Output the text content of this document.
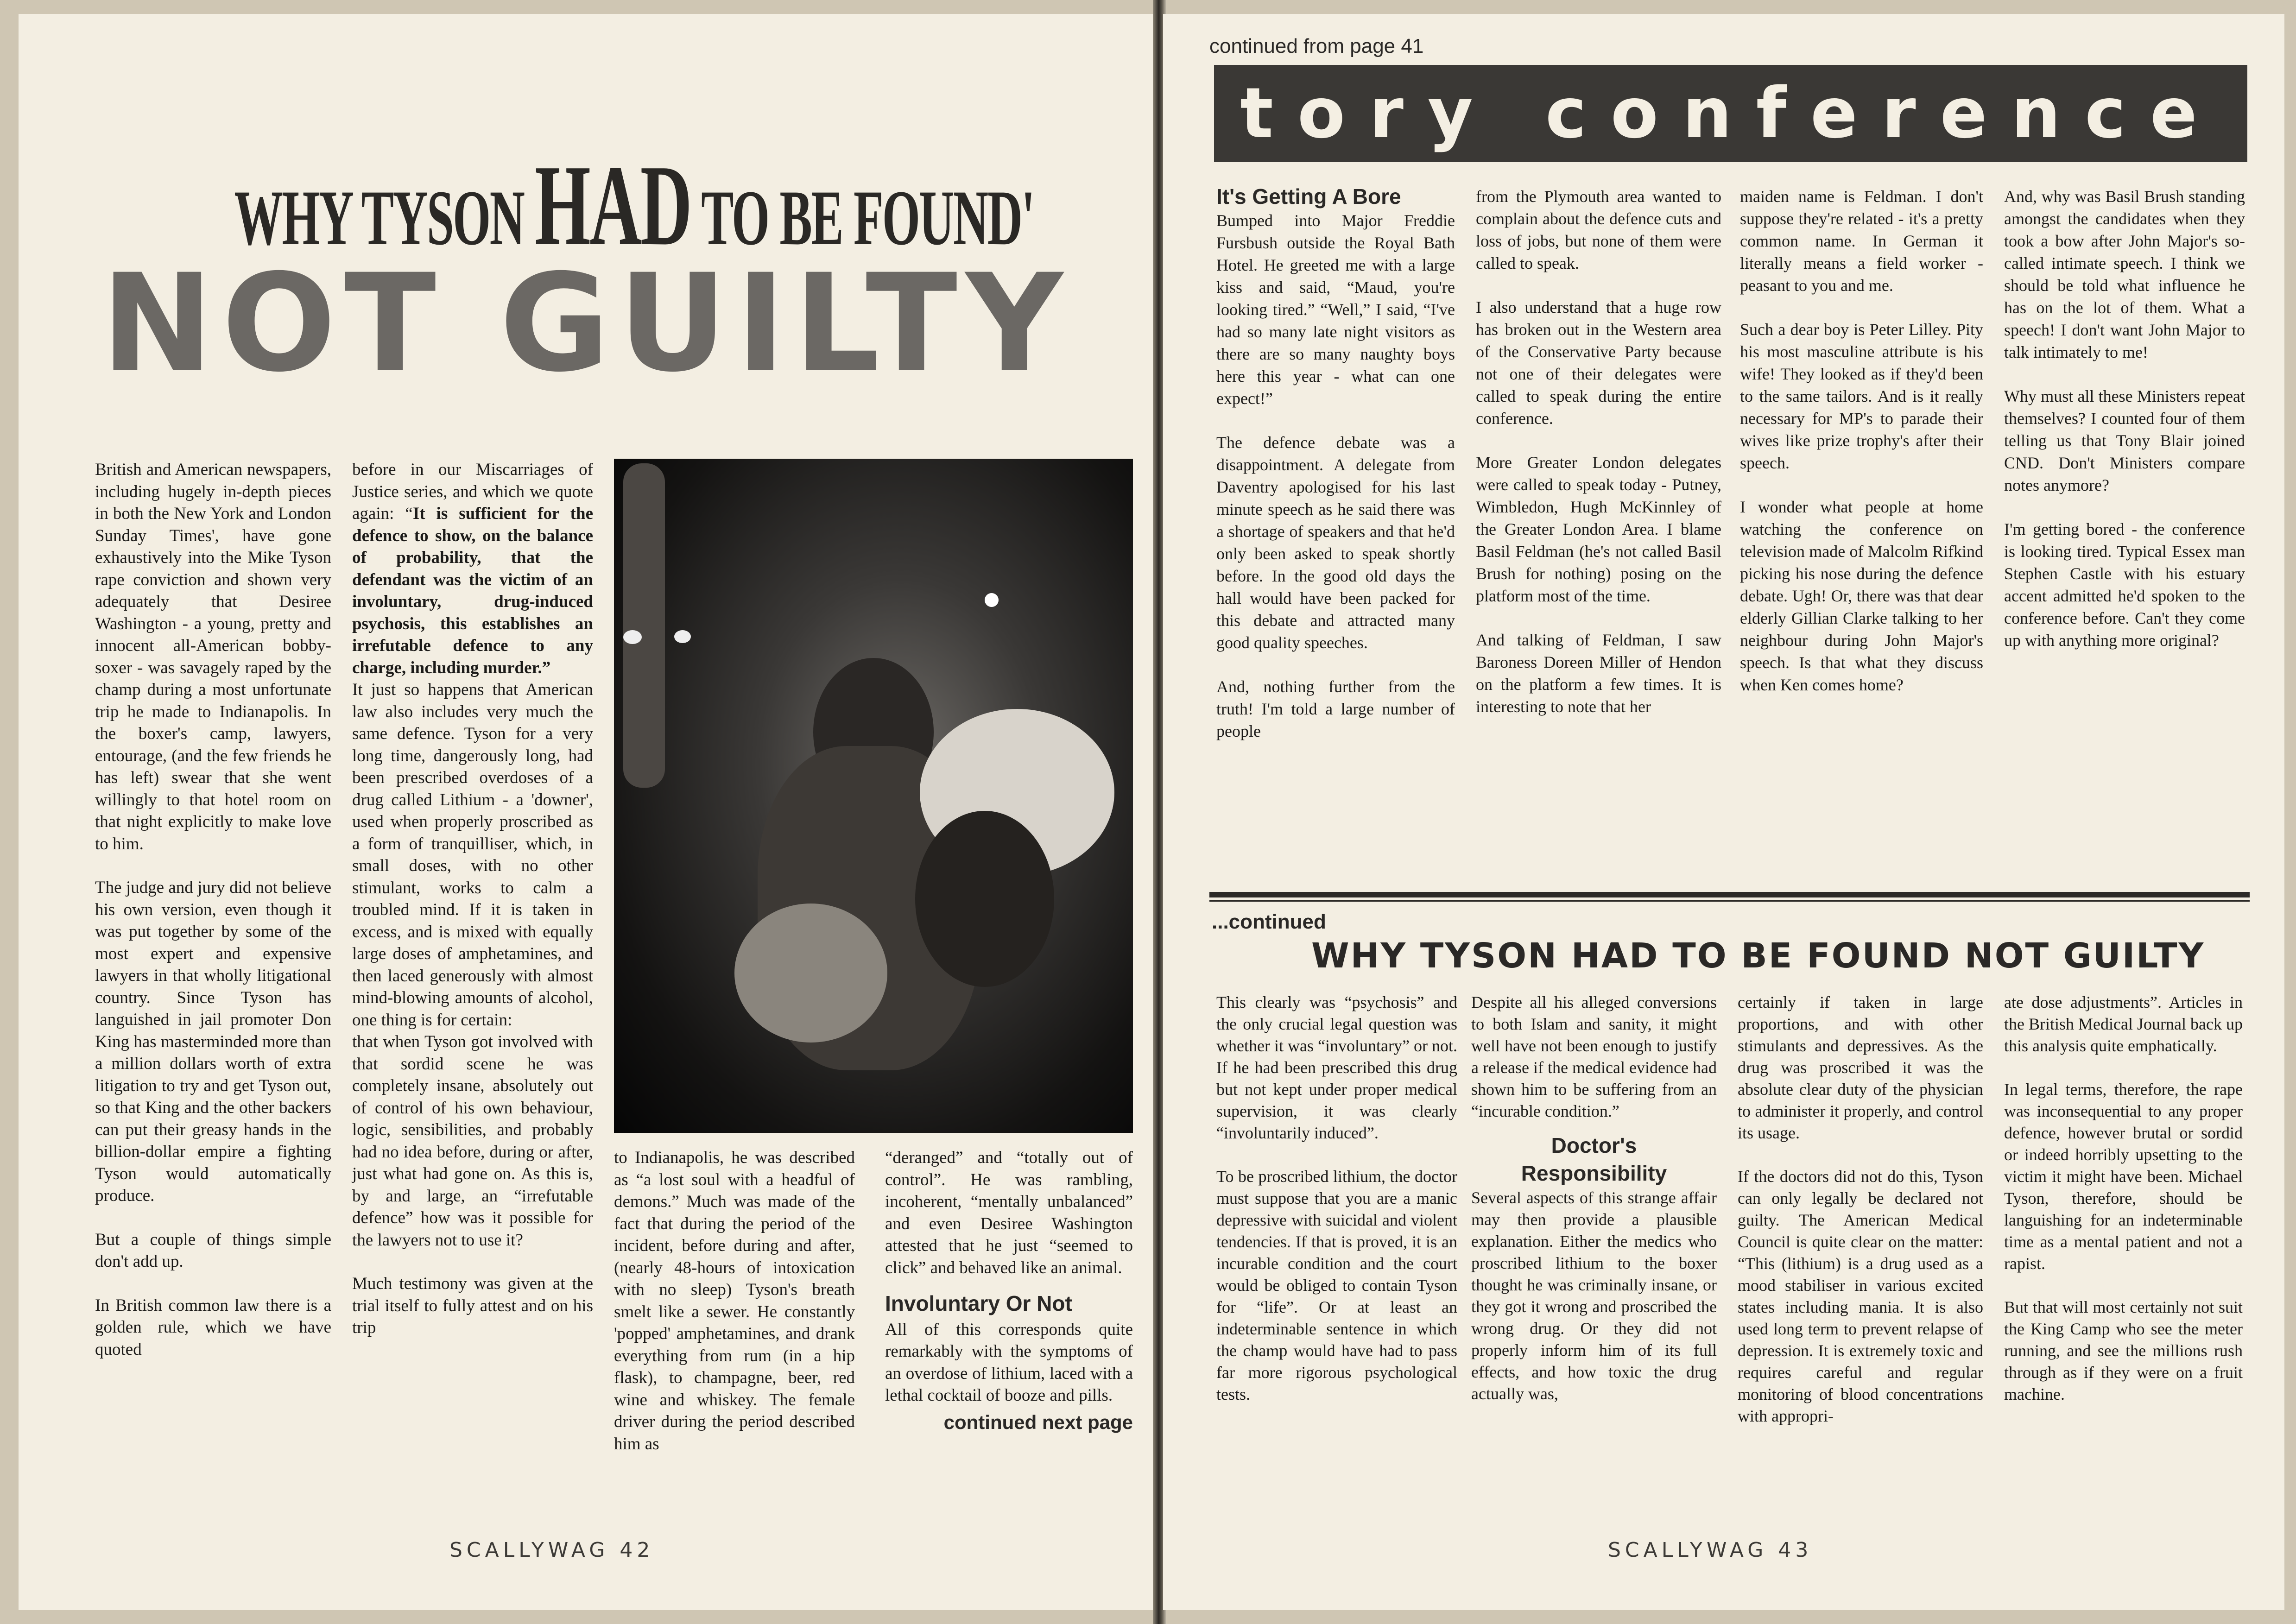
WHY TYSON HAD TO BE FOUND'
NOT GUILTY

British and American newspapers, including hugely in-depth pieces in both the New York and London Sunday Times', have gone exhaustively into the Mike Tyson rape conviction and shown very adequately that Desiree Washington - a young, pretty and innocent all-American bobby-soxer - was savagely raped by the champ during a most unfortunate trip he made to Indianapolis. In the boxer's camp, lawyers, entourage, (and the few friends he has left) swear that she went willingly to that hotel room on that night explicitly to make love to him.

The judge and jury did not believe his own version, even though it was put together by some of the most expert and expensive lawyers in that wholly litigational country. Since Tyson has languished in jail promoter Don King has masterminded more than a million dollars worth of extra litigation to try and get Tyson out, so that King and the other backers can put their greasy hands in the billion-dollar empire a fighting Tyson would automatically produce.

But a couple of things simple don't add up.

In British common law there is a golden rule, which we have quoted

before in our Miscarriages of Justice series, and which we quote again: “It is sufficient for the defence to show, on the balance of probability, that the defendant was the victim of an involuntary, drug-induced psychosis, this establishes an irrefutable defence to any charge, including murder.”

It just so happens that American law also includes very much the same defence. Tyson for a very long time, dangerously long, had been prescribed overdoses of a drug called Lithium - a 'downer', used when properly proscribed as a form of tranquilliser, which, in small doses, with no other stimulant, works to calm a troubled mind. If it is taken in excess, and is mixed with equally large doses of amphetamines, and then laced generously with almost mind-blowing amounts of alcohol, one thing is for certain:

that when Tyson got involved with that sordid scene he was completely insane, absolutely out of control of his own behaviour, logic, sensibilities, and probably had no idea before, during or after, just what had gone on. As this is, by and large, an “irrefutable defence” how was it possible for the lawyers not to use it?

Much testimony was given at the trial itself to fully attest and on his trip

to Indianapolis, he was described as “a lost soul with a headful of demons.” Much was made of the fact that during the period of the incident, before during and after, (nearly 48-hours of intoxication with no sleep) Tyson's breath smelt like a sewer. He constantly 'popped' amphetamines, and drank everything from rum (in a hip flask), to champagne, beer, red wine and whiskey. The female driver during the period described him as

“deranged” and “totally out of control”. He was rambling, incoherent, “mentally unbalanced” and even Desiree Washington attested that he just “seemed to click” and behaved like an animal.

Involuntary Or Not

All of this corresponds quite remarkably with the symptoms of an overdose of lithium, laced with a lethal cocktail of booze and pills.

continued next page
SCALLYWAG 42
continued from page 41
tory conference
It's Getting A Bore

Bumped into Major Freddie Fursbush outside the Royal Bath Hotel. He greeted me with a large kiss and said, “Maud, you're looking tired.” “Well,” I said, “I've had so many late night visitors as there are so many naughty boys here this year - what can one expect!”

The defence debate was a disappointment. A delegate from Daventry apologised for his last minute speech as he said there was a shortage of speakers and that he'd only been asked to speak shortly before. In the good old days the hall would have been packed for this debate and attracted many good quality speeches.

And, nothing further from the truth! I'm told a large number of people

from the Plymouth area wanted to complain about the defence cuts and loss of jobs, but none of them were called to speak.

I also understand that a huge row has broken out in the Western area of the Conservative Party because not one of their delegates were called to speak during the entire conference.

More Greater London delegates were called to speak today - Putney, Wimbledon, Hugh McKinnley of the Greater London Area. I blame Basil Feldman (he's not called Basil Brush for nothing) posing on the platform most of the time.

And talking of Feldman, I saw Baroness Doreen Miller of Hendon on the platform a few times. It is interesting to note that her

maiden name is Feldman. I don't suppose they're related - it's a pretty common name. In German it literally means a field worker - peasant to you and me.

Such a dear boy is Peter Lilley. Pity his most masculine attribute is his wife! They looked as if they'd been to the same tailors. And is it really necessary for MP's to parade their wives like prize trophy's after their speech.

I wonder what people at home watching the conference on television made of Malcolm Rifkind picking his nose during the defence debate. Ugh! Or, there was that dear elderly Gillian Clarke talking to her neighbour during John Major's speech. Is that what they discuss when Ken comes home?

And, why was Basil Brush standing amongst the candidates when they took a bow after John Major's so-called intimate speech. I think we should be told what influence he has on the lot of them. What a speech! I don't want John Major to talk intimately to me!

Why must all these Ministers repeat themselves? I counted four of them telling us that Tony Blair joined CND. Don't Ministers compare notes anymore?

I'm getting bored - the conference is looking tired. Typical Essex man Stephen Castle with his estuary accent admitted he'd spoken to the conference before. Can't they come up with anything more original?

...continued
WHY TYSON HAD TO BE FOUND NOT GUILTY

This clearly was “psychosis” and the only crucial legal question was whether it was “involuntary” or not. If he had been prescribed this drug but not kept under proper medical supervision, it was clearly “involuntarily induced”.

To be proscribed lithium, the doctor must suppose that you are a manic depressive with suicidal and violent tendencies. If that is proved, it is an incurable condition and the court would be obliged to contain Tyson for “life”. Or at least an indeterminable sentence in which the champ would have had to pass far more rigorous psychological tests.

Despite all his alleged conversions to both Islam and sanity, it might well have not been enough to justify a release if the medical evidence had shown him to be suffering from an “incurable condition.”

Doctor's
Responsibility

Several aspects of this strange affair may then provide a plausible explanation. Either the medics who proscribed lithium to the boxer thought he was criminally insane, or they got it wrong and proscribed the wrong drug. Or they did not properly inform him of its full effects, and how toxic the drug actually was,

certainly if taken in large proportions, and with other stimulants and depressives. As the drug was proscribed it was the absolute clear duty of the physician to administer it properly, and control its usage.

If the doctors did not do this, Tyson can only legally be declared not guilty. The American Medical Council is quite clear on the matter: “This (lithium) is a drug used as a mood stabiliser in various excited states including mania. It is also used long term to prevent relapse of depression. It is extremely toxic and requires careful and regular monitoring of blood concentrations with appropri-

ate dose adjustments”. Articles in the British Medical Journal back up this analysis quite emphatically.

In legal terms, therefore, the rape was inconsequential to any proper defence, however brutal or sordid or indeed horribly upsetting to the victim it might have been. Michael Tyson, therefore, should be languishing for an indeterminable time as a mental patient and not a rapist.

But that will most certainly not suit the King Camp who see the meter running, and see the millions rush through as if they were on a fruit machine.

SCALLYWAG 43
